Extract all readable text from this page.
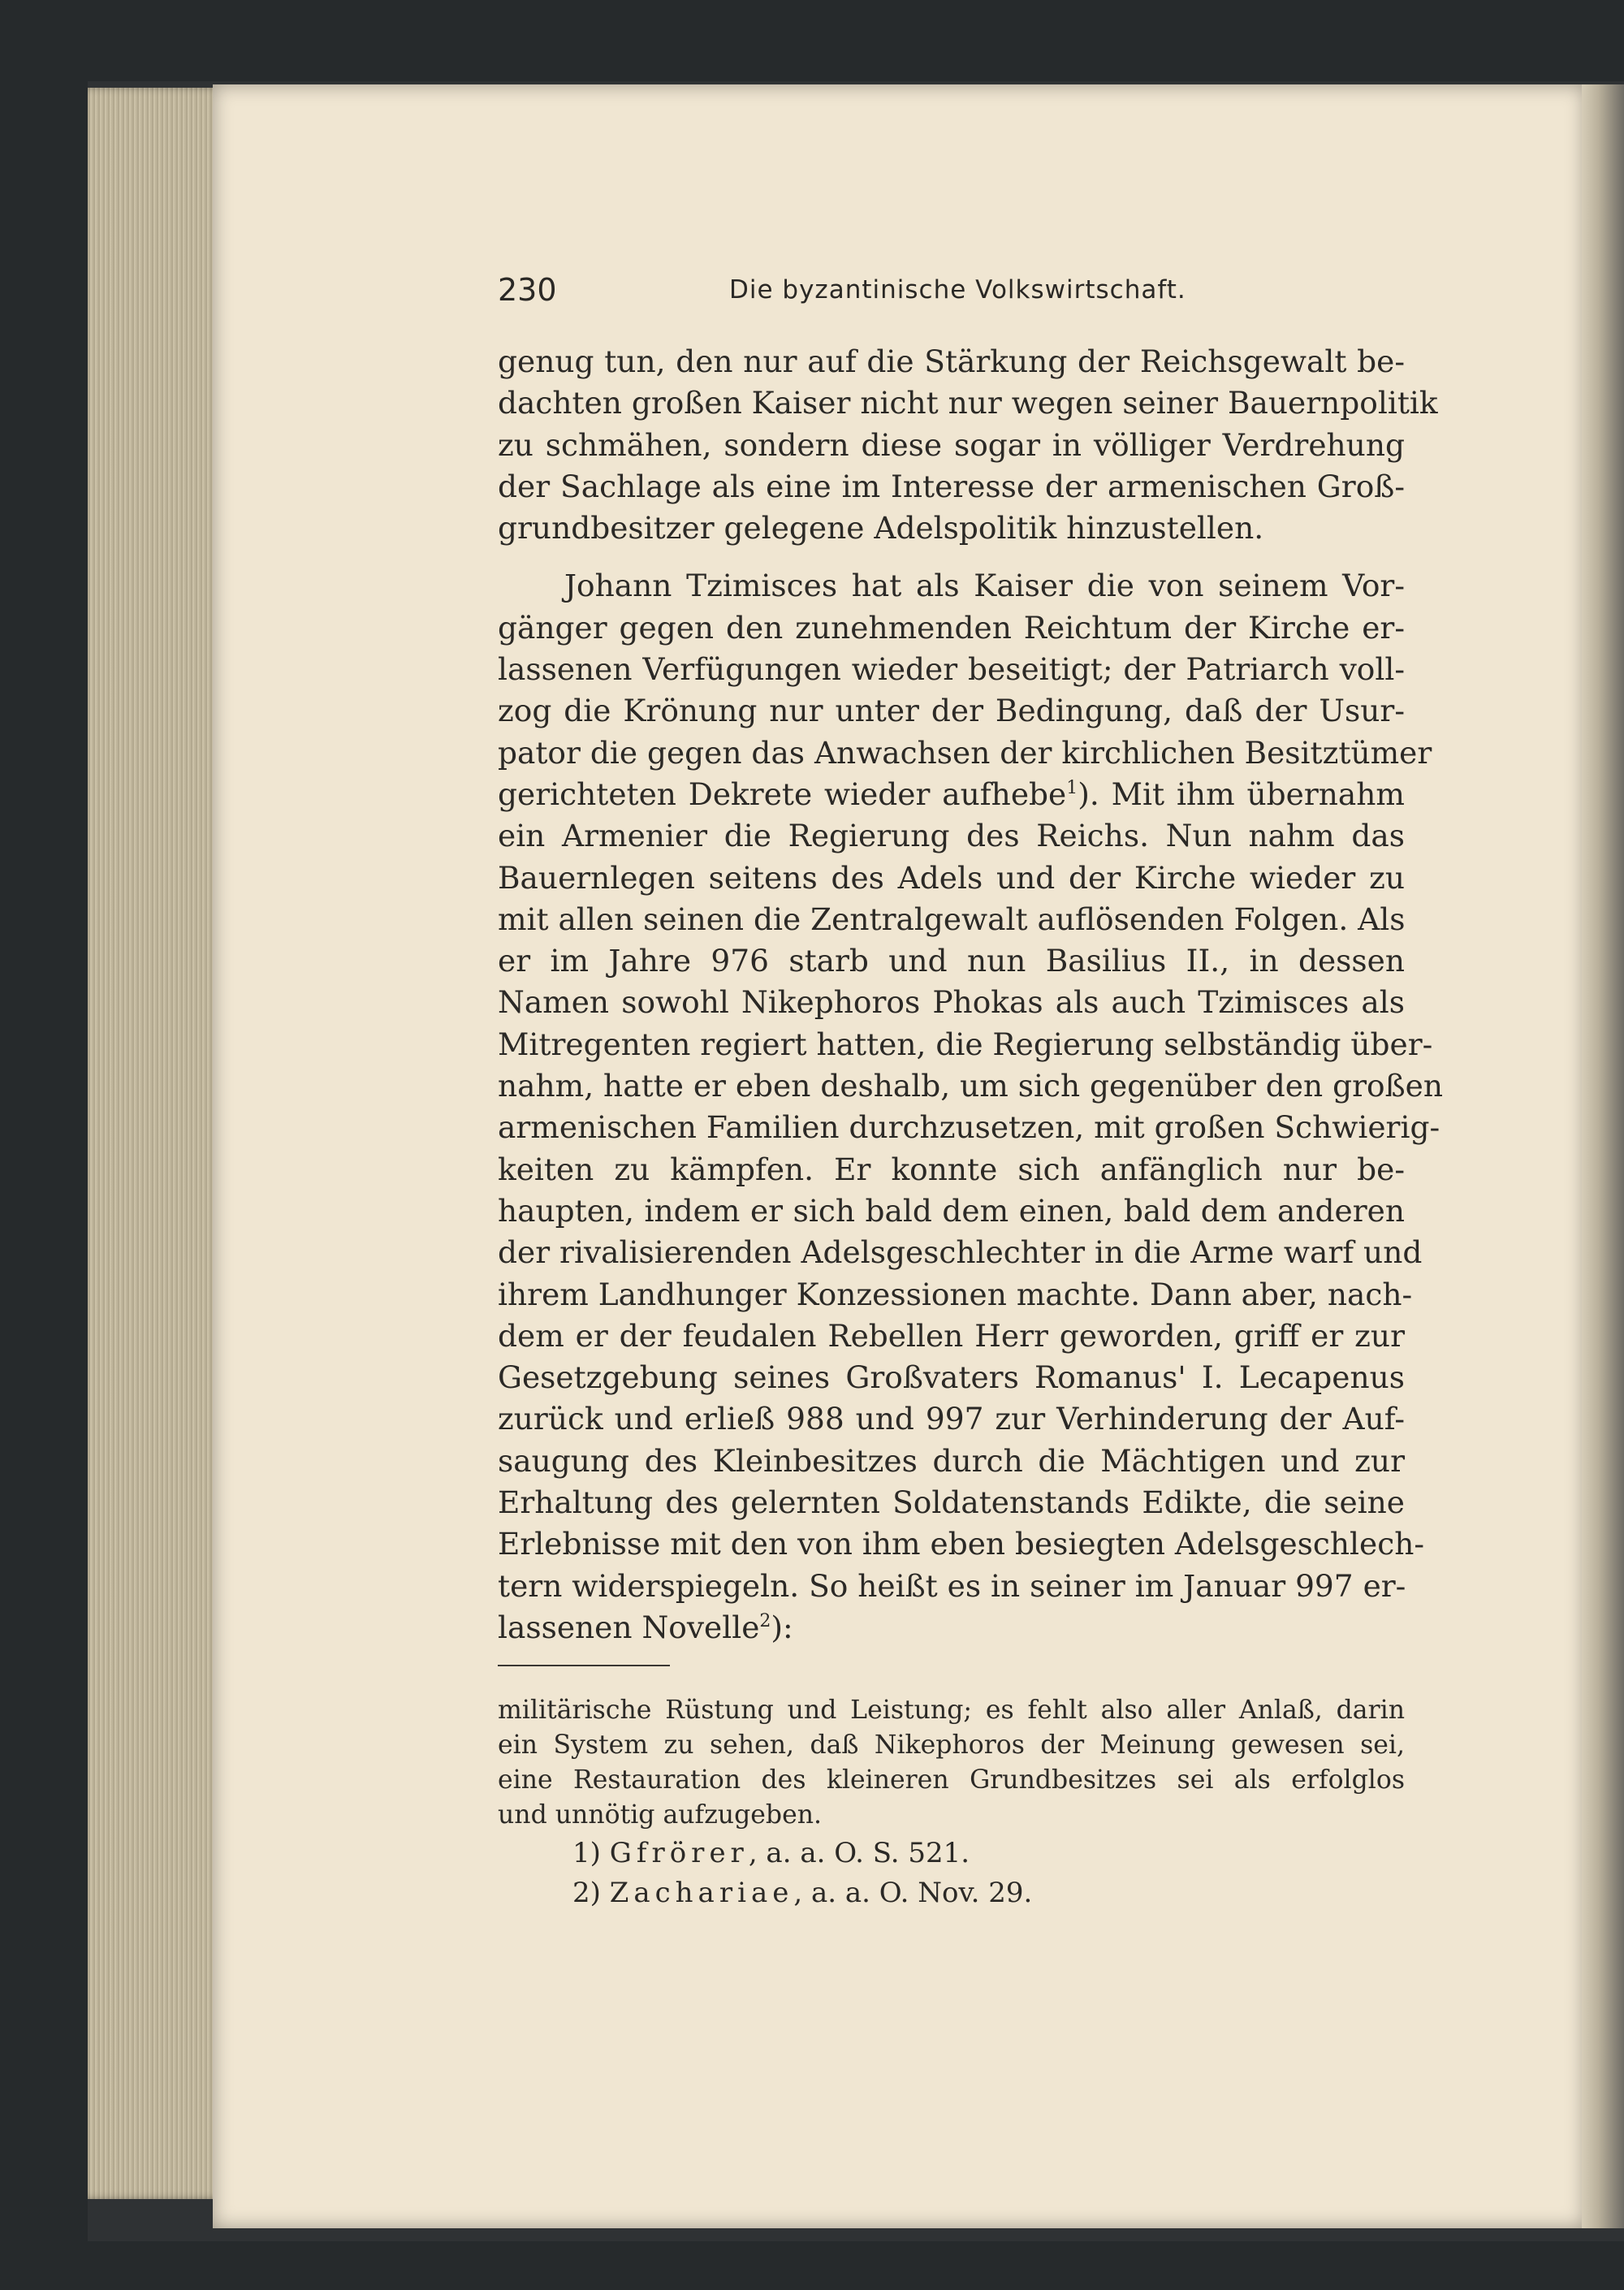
230	Die byzantinische Volkswirtschaft.
genug tun, den nur auf die Stärkung der Reichsgewalt be-
dachten großen Kaiser nicht nur wegen seiner Bauernpolitik
zu schmähen, sondern diese sogar in völliger Verdrehung
der Sachlage als eine im Interesse der armenischen Groß-
grundbesitzer gelegene Adelspolitik hinzustellen.
Johann Tzimisces hat als Kaiser die von seinem Vor-
gänger gegen den zunehmenden Reichtum der Kirche er-
lassenen Verfügungen wieder beseitigt; der Patriarch voll-
zog die Krönung nur unter der Bedingung, daß der Usur-
pator die gegen das Anwachsen der kirchlichen Besitztümer
gerichteten Dekrete wieder aufhebe$^1$). Mit ihm übernahm
ein Armenier die Regierung des Reichs. Nun nahm das
Bauernlegen seitens des Adels und der Kirche wieder zu
mit allen seinen die Zentralgewalt auflösenden Folgen. Als
er im Jahre 976 starb und nun Basilius II., in dessen
Namen sowohl Nikephoros Phokas als auch Tzimisces als
Mitregenten regiert hatten, die Regierung selbständig über-
nahm, hatte er eben deshalb, um sich gegenüber den großen
armenischen Familien durchzusetzen, mit großen Schwierig-
keiten zu kämpfen. Er konnte sich anfänglich nur be-
haupten, indem er sich bald dem einen, bald dem anderen
der rivalisierenden Adelsgeschlechter in die Arme warf und
ihrem Landhunger Konzessionen machte. Dann aber, nach-
dem er der feudalen Rebellen Herr geworden, griff er zur
Gesetzgebung seines Großvaters Romanus' I. Lecapenus
zurück und erließ 988 und 997 zur Verhinderung der Auf-
saugung des Kleinbesitzes durch die Mächtigen und zur
Erhaltung des gelernten Soldatenstands Edikte, die seine
Erlebnisse mit den von ihm eben besiegten Adelsgeschlech-
tern widerspiegeln. So heißt es in seiner im Januar 997 er-
lassenen Novelle$^2$):
militärische Rüstung und Leistung; es fehlt also aller Anlaß, darin
ein System zu sehen, daß Nikephoros der Meinung gewesen sei,
eine Restauration des kleineren Grundbesitzes sei als erfolglos
und unnötig aufzugeben.
1) Gfrörer, a. a. O. S. 521.
2) Zachariae, a. a. O. Nov. 29.
